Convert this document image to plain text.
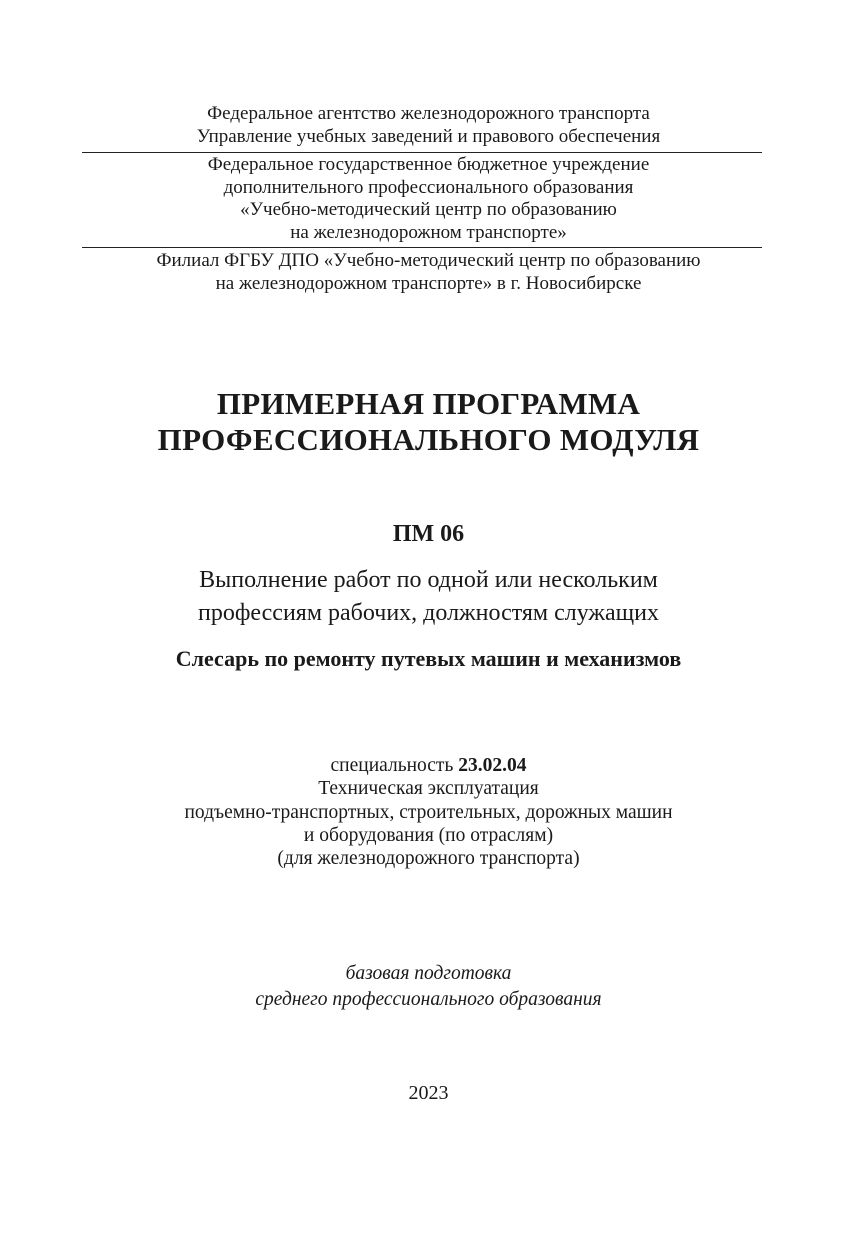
Федеральное агентство железнодорожного транспорта
Управление учебных заведений и правового обеспечения
Федеральное государственное бюджетное учреждение
дополнительного профессионального образования
«Учебно-методический центр по образованию
на железнодорожном транспорте»
Филиал ФГБУ ДПО «Учебно-методический центр по образованию
на железнодорожном транспорте» в г. Новосибирске
ПРИМЕРНАЯ ПРОГРАММА
ПРОФЕССИОНАЛЬНОГО МОДУЛЯ
ПМ 06
Выполнение работ по одной или нескольким
профессиям рабочих, должностям служащих
Слесарь по ремонту путевых машин и механизмов
специальность 23.02.04
Техническая эксплуатация
подъемно-транспортных, строительных, дорожных машин
и оборудования (по отраслям)
(для железнодорожного транспорта)
базовая подготовка
среднего профессионального образования
2023
